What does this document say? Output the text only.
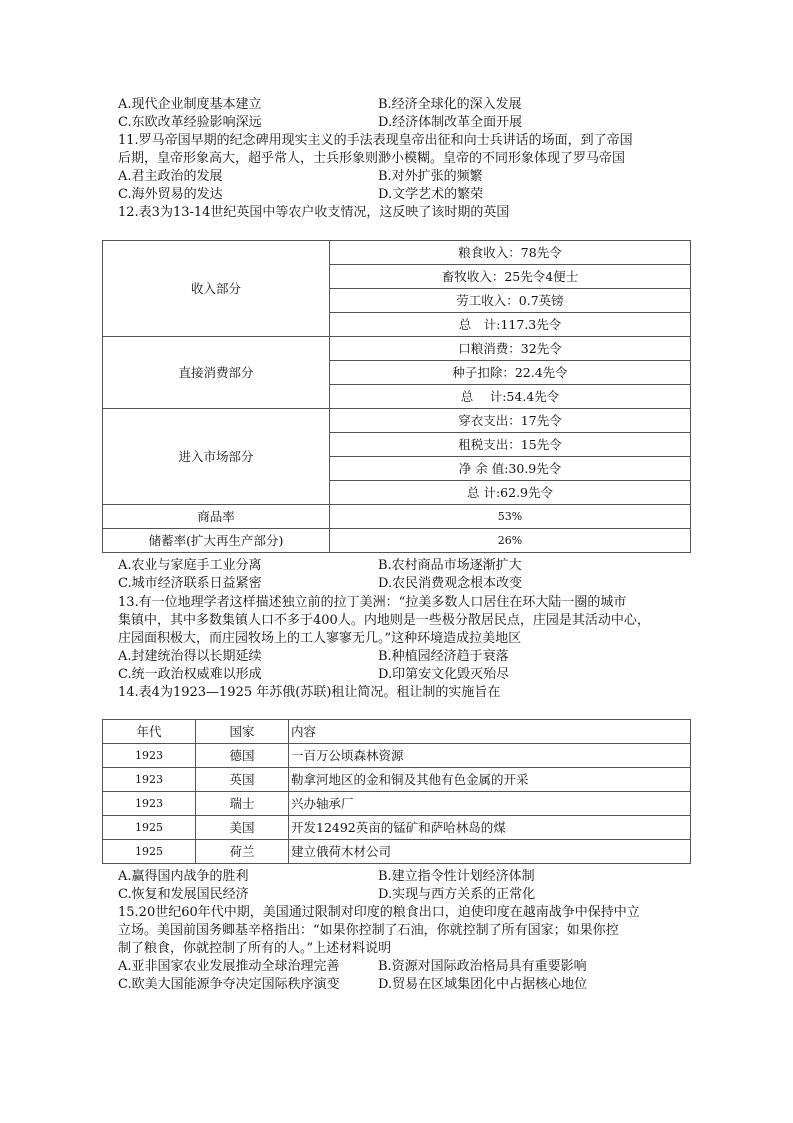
A.现代企业制度基本建立	B.经济全球化的深入发展
C.东欧改革经验影响深远	D.经济体制改革全面开展
11.罗马帝国早期的纪念碑用现实主义的手法表现皇帝出征和向士兵讲话的场面，到了帝国
后期，皇帝形象高大，超乎常人，士兵形象则渺小模糊。皇帝的不同形象体现了罗马帝国
A.君主政治的发展	B.对外扩张的频繁
C.海外贸易的发达	D.文学艺术的繁荣
12.表3为13-14世纪英国中等农户收支情况，这反映了该时期的英国
收入部分	粮食收入：78先令
	畜牧收入：25先令4便士
	劳工收入：0.7英镑
	总　计:117.3先令
直接消费部分	口粮消费：32先令
	种子扣除：22.4先令
	总　 计:54.4先令
进入市场部分	穿衣支出：17先令
	租税支出：15先令
	净 余 值:30.9先令
	总 计:62.9先令
商品率	53%
储蓄率(扩大再生产部分)	26%
A.农业与家庭手工业分离	B.农村商品市场逐渐扩大
C.城市经济联系日益紧密	D.农民消费观念根本改变
13.有一位地理学者这样描述独立前的拉丁美洲：“拉美多数人口居住在环大陆一圈的城市
集镇中，其中多数集镇人口不多于400人。内地则是一些极分散居民点，庄园是其活动中心，
庄园面积极大，而庄园牧场上的工人寥寥无几。”这种环境造成拉美地区
A.封建统治得以长期延续	B.种植园经济趋于衰落
C.统一政治权威难以形成	D.印第安文化毁灭殆尽
14.表4为1923—1925 年苏俄(苏联)租让简况。租让制的实施旨在
年代	国家	内容
1923	德国	一百万公顷森林资源
1923	英国	勒拿河地区的金和铜及其他有色金属的开采
1923	瑞士	兴办轴承厂
1925	美国	开发12492英亩的锰矿和萨哈林岛的煤
1925	荷兰	建立俄荷木材公司
A.赢得国内战争的胜利	B.建立指令性计划经济体制
C.恢复和发展国民经济	D.实现与西方关系的正常化
15.20世纪60年代中期，美国通过限制对印度的粮食出口，迫使印度在越南战争中保持中立
立场。美国前国务卿基辛格指出：“如果你控制了石油，你就控制了所有国家；如果你控
制了粮食，你就控制了所有的人。”上述材料说明
A.亚非国家农业发展推动全球治理完善	B.资源对国际政治格局具有重要影响
C.欧美大国能源争夺决定国际秩序演变	D.贸易在区域集团化中占据核心地位
